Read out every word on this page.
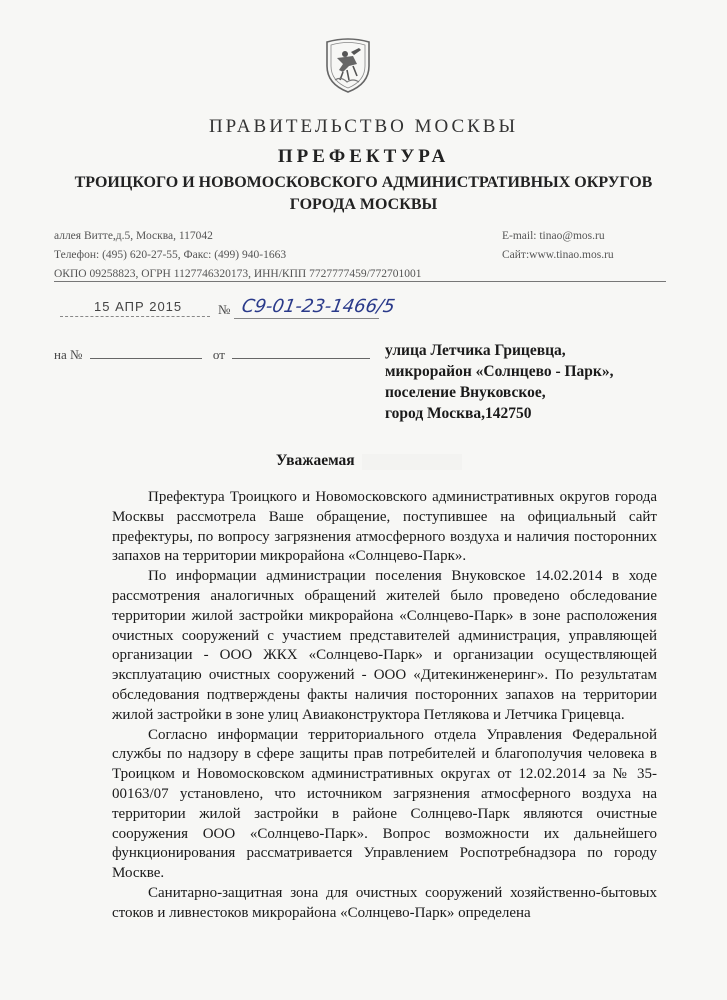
ПРАВИТЕЛЬСТВО МОСКВЫ
ПРЕФЕКТУРА
ТРОИЦКОГО И НОВОМОСКОВСКОГО АДМИНИСТРАТИВНЫХ ОКРУГОВ
ГОРОДА МОСКВЫ
аллея Витте,д.5, Москва, 117042
Телефон: (495) 620-27-55, Факс: (499) 940-1663
ОКПО 09258823, ОГРН 1127746320173, ИНН/КПП 7727777459/772701001
E-mail: tinao@mos.ru
Сайт:www.tinao.mos.ru
15 АПР 2015	№ С9-01-23-1466/5
на №	от	улица Летчика Грицевца,
микрорайон «Солнцево - Парк»,
поселение Внуковское,
город Москва,142750
Уважаемая

Префектура Троицкого и Новомосковского административных округов города Москвы рассмотрела Ваше обращение, поступившее на официальный сайт префектуры, по вопросу загрязнения атмосферного воздуха и наличия посторонних запахов на территории микрорайона «Солнцево-Парк».

По информации администрации поселения Внуковское 14.02.2014 в ходе рассмотрения аналогичных обращений жителей было проведено обследование территории жилой застройки микрорайона «Солнцево-Парк» в зоне расположения очистных сооружений с участием представителей администрация, управляющей организации - ООО ЖКХ «Солнцево-Парк» и организации осуществляющей эксплуатацию очистных сооружений - ООО «Дитекинженеринг». По результатам обследования подтверждены факты наличия посторонних запахов на территории жилой застройки в зоне улиц Авиаконструктора Петлякова и Летчика Грицевца.

Согласно информации территориального отдела Управления Федеральной службы по надзору в сфере защиты прав потребителей и благополучия человека в Троицком и Новомосковском административных округах от 12.02.2014 за № 35-00163/07 установлено, что источником загрязнения атмосферного воздуха на территории жилой застройки в районе Солнцево-Парк являются очистные сооружения ООО «Солнцево-Парк». Вопрос возможности их дальнейшего функционирования рассматривается Управлением Роспотребнадзора по городу Москве.

Санитарно-защитная зона для очистных сооружений хозяйственно-бытовых стоков и ливнестоков микрорайона «Солнцево-Парк» определена
